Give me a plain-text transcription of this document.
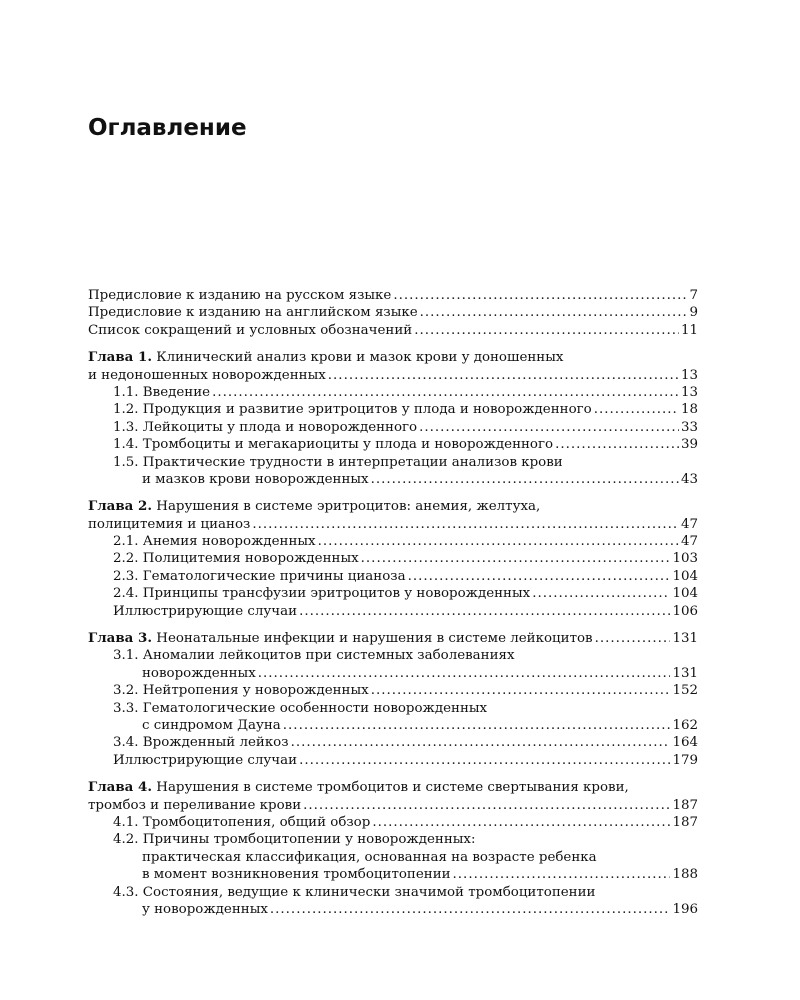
Оглавление
Предисловие к изданию на русском языке .....	7
Предисловие к изданию на английском языке .....	9
Список сокращений и условных обозначений .....	11
Глава 1. Клинический анализ крови и мазок крови у доношенных
и недоношенных новорожденных .....	13
1.1. Введение .....	13
1.2. Продукция и развитие эритроцитов у плода и новорожденного .....	18
1.3. Лейкоциты у плода и новорожденного .....	33
1.4. Тромбоциты и мегакариоциты у плода и новорожденного .....	39
1.5. Практические трудности в интерпретации анализов крови
и мазков крови новорожденных .....	43
Глава 2. Нарушения в системе эритроцитов: анемия, желтуха,
полицитемия и цианоз .....	47
2.1. Анемия новорожденных .....	47
2.2. Полицитемия новорожденных .....	103
2.3. Гематологические причины цианоза .....	104
2.4. Принципы трансфузии эритроцитов у новорожденных .....	104
Иллюстрирующие случаи .....	106
Глава 3. Неонатальные инфекции и нарушения в системе лейкоцитов .....	131
3.1. Аномалии лейкоцитов при системных заболеваниях
новорожденных .....	131
3.2. Нейтропения у новорожденных .....	152
3.3. Гематологические особенности новорожденных
с синдромом Дауна .....	162
3.4. Врожденный лейкоз .....	164
Иллюстрирующие случаи .....	179
Глава 4. Нарушения в системе тромбоцитов и системе свертывания крови,
тромбоз и переливание крови .....	187
4.1. Тромбоцитопения, общий обзор .....	187
4.2. Причины тромбоцитопении у новорожденных:
практическая классификация, основанная на возрасте ребенка
в момент возникновения тромбоцитопении .....	188
4.3. Состояния, ведущие к клинически значимой тромбоцитопении
у новорожденных .....	196
